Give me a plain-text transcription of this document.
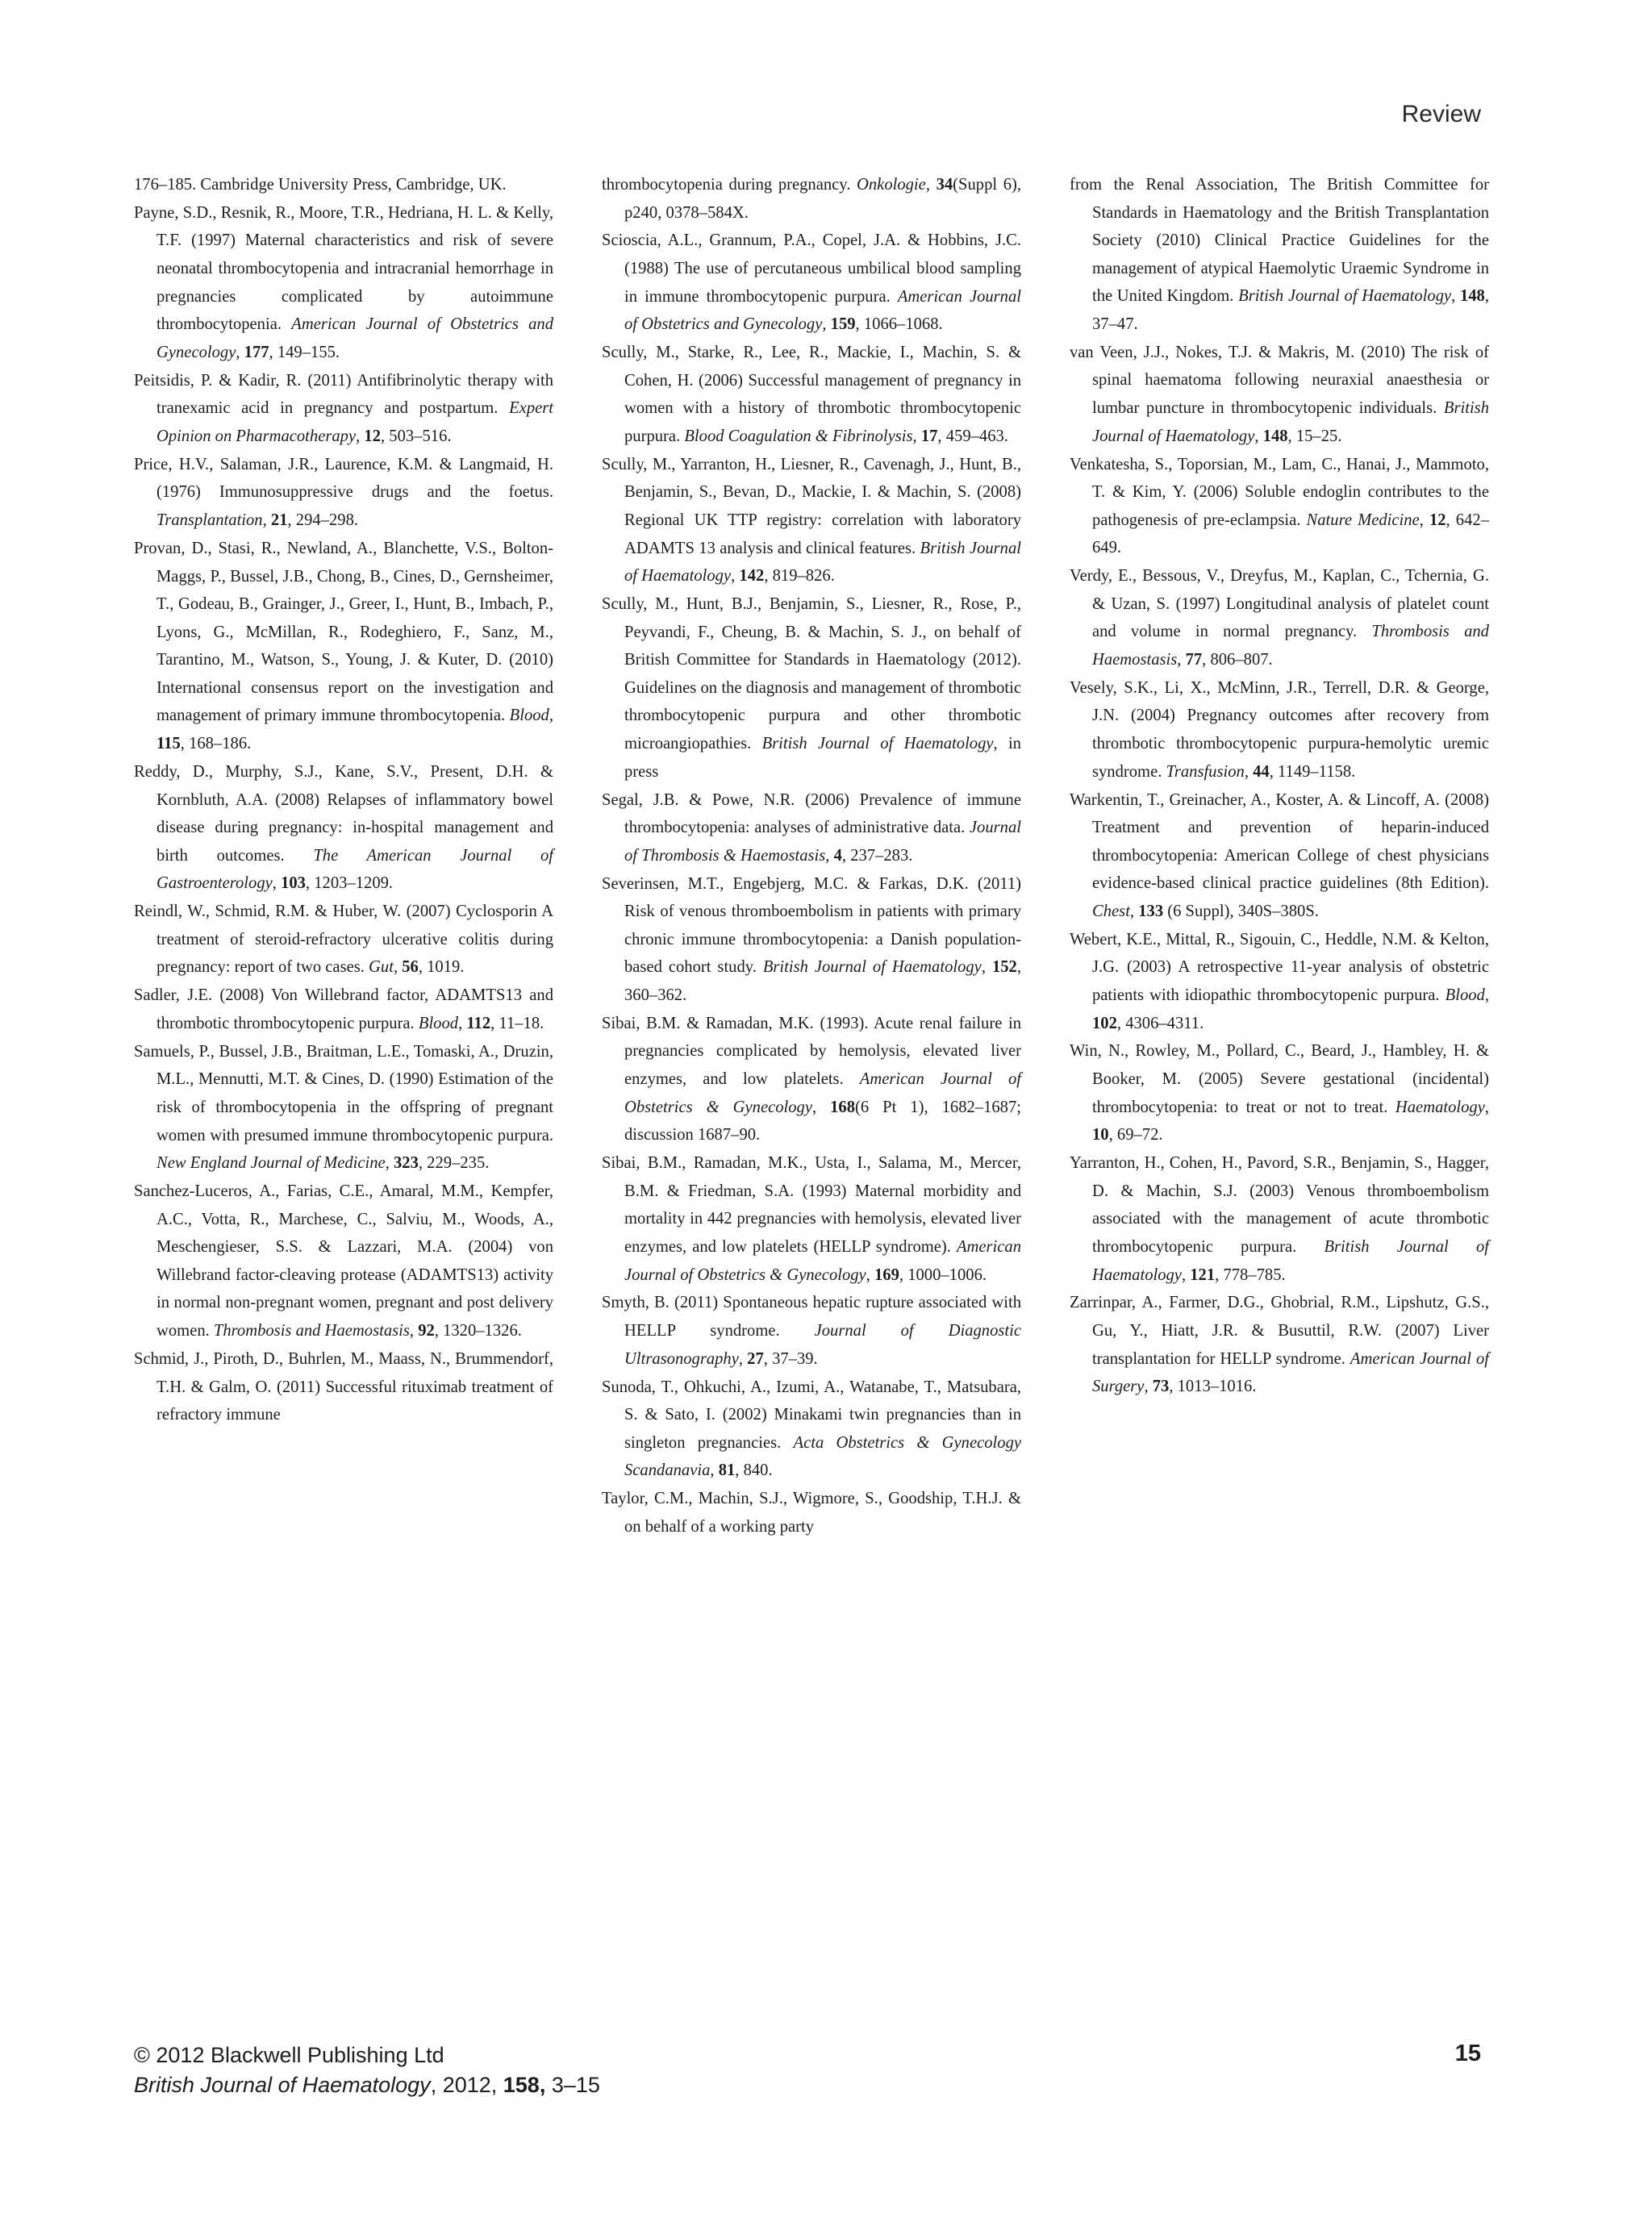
Review

176–185. Cambridge University Press, Cambridge, UK.

Payne, S.D., Resnik, R., Moore, T.R., Hedriana, H. L. & Kelly, T.F. (1997) Maternal characteristics and risk of severe neonatal thrombocytopenia and intracranial hemorrhage in pregnancies complicated by autoimmune thrombocytopenia. American Journal of Obstetrics and Gynecology, 177, 149–155.

Peitsidis, P. & Kadir, R. (2011) Antifibrinolytic therapy with tranexamic acid in pregnancy and postpartum. Expert Opinion on Pharmacotherapy, 12, 503–516.

Price, H.V., Salaman, J.R., Laurence, K.M. & Langmaid, H. (1976) Immunosuppressive drugs and the foetus. Transplantation, 21, 294–298.

Provan, D., Stasi, R., Newland, A., Blanchette, V.S., Bolton-Maggs, P., Bussel, J.B., Chong, B., Cines, D., Gernsheimer, T., Godeau, B., Grainger, J., Greer, I., Hunt, B., Imbach, P., Lyons, G., McMillan, R., Rodeghiero, F., Sanz, M., Tarantino, M., Watson, S., Young, J. & Kuter, D. (2010) International consensus report on the investigation and management of primary immune thrombocytopenia. Blood, 115, 168–186.

Reddy, D., Murphy, S.J., Kane, S.V., Present, D.H. & Kornbluth, A.A. (2008) Relapses of inflammatory bowel disease during pregnancy: in-hospital management and birth outcomes. The American Journal of Gastroenterology, 103, 1203–1209.

Reindl, W., Schmid, R.M. & Huber, W. (2007) Cyclosporin A treatment of steroid-refractory ulcerative colitis during pregnancy: report of two cases. Gut, 56, 1019.

Sadler, J.E. (2008) Von Willebrand factor, ADAMTS13 and thrombotic thrombocytopenic purpura. Blood, 112, 11–18.

Samuels, P., Bussel, J.B., Braitman, L.E., Tomaski, A., Druzin, M.L., Mennutti, M.T. & Cines, D. (1990) Estimation of the risk of thrombocytopenia in the offspring of pregnant women with presumed immune thrombocytopenic purpura. New England Journal of Medicine, 323, 229–235.

Sanchez-Luceros, A., Farias, C.E., Amaral, M.M., Kempfer, A.C., Votta, R., Marchese, C., Salviu, M., Woods, A., Meschengieser, S.S. & Lazzari, M.A. (2004) von Willebrand factor-cleaving protease (ADAMTS13) activity in normal non-pregnant women, pregnant and post delivery women. Thrombosis and Haemostasis, 92, 1320–1326.

Schmid, J., Piroth, D., Buhrlen, M., Maass, N., Brummendorf, T.H. & Galm, O. (2011) Successful rituximab treatment of refractory immune

thrombocytopenia during pregnancy. Onkologie, 34(Suppl 6), p240, 0378–584X.

Scioscia, A.L., Grannum, P.A., Copel, J.A. & Hobbins, J.C. (1988) The use of percutaneous umbilical blood sampling in immune thrombocytopenic purpura. American Journal of Obstetrics and Gynecology, 159, 1066–1068.

Scully, M., Starke, R., Lee, R., Mackie, I., Machin, S. & Cohen, H. (2006) Successful management of pregnancy in women with a history of thrombotic thrombocytopenic purpura. Blood Coagulation & Fibrinolysis, 17, 459–463.

Scully, M., Yarranton, H., Liesner, R., Cavenagh, J., Hunt, B., Benjamin, S., Bevan, D., Mackie, I. & Machin, S. (2008) Regional UK TTP registry: correlation with laboratory ADAMTS 13 analysis and clinical features. British Journal of Haematology, 142, 819–826.

Scully, M., Hunt, B.J., Benjamin, S., Liesner, R., Rose, P., Peyvandi, F., Cheung, B. & Machin, S. J., on behalf of British Committee for Standards in Haematology (2012). Guidelines on the diagnosis and management of thrombotic thrombocytopenic purpura and other thrombotic microangiopathies. British Journal of Haematology, in press

Segal, J.B. & Powe, N.R. (2006) Prevalence of immune thrombocytopenia: analyses of administrative data. Journal of Thrombosis & Haemostasis, 4, 237–283.

Severinsen, M.T., Engebjerg, M.C. & Farkas, D.K. (2011) Risk of venous thromboembolism in patients with primary chronic immune thrombocytopenia: a Danish population-based cohort study. British Journal of Haematology, 152, 360–362.

Sibai, B.M. & Ramadan, M.K. (1993). Acute renal failure in pregnancies complicated by hemolysis, elevated liver enzymes, and low platelets. American Journal of Obstetrics & Gynecology, 168(6 Pt 1), 1682–1687; discussion 1687–90.

Sibai, B.M., Ramadan, M.K., Usta, I., Salama, M., Mercer, B.M. & Friedman, S.A. (1993) Maternal morbidity and mortality in 442 pregnancies with hemolysis, elevated liver enzymes, and low platelets (HELLP syndrome). American Journal of Obstetrics & Gynecology, 169, 1000–1006.

Smyth, B. (2011) Spontaneous hepatic rupture associated with HELLP syndrome. Journal of Diagnostic Ultrasonography, 27, 37–39.

Sunoda, T., Ohkuchi, A., Izumi, A., Watanabe, T., Matsubara, S. & Sato, I. (2002) Minakami twin pregnancies than in singleton pregnancies. Acta Obstetrics & Gynecology Scandanavia, 81, 840.

Taylor, C.M., Machin, S.J., Wigmore, S., Goodship, T.H.J. & on behalf of a working party

from the Renal Association, The British Committee for Standards in Haematology and the British Transplantation Society (2010) Clinical Practice Guidelines for the management of atypical Haemolytic Uraemic Syndrome in the United Kingdom. British Journal of Haematology, 148, 37–47.

van Veen, J.J., Nokes, T.J. & Makris, M. (2010) The risk of spinal haematoma following neuraxial anaesthesia or lumbar puncture in thrombocytopenic individuals. British Journal of Haematology, 148, 15–25.

Venkatesha, S., Toporsian, M., Lam, C., Hanai, J., Mammoto, T. & Kim, Y. (2006) Soluble endoglin contributes to the pathogenesis of pre-eclampsia. Nature Medicine, 12, 642–649.

Verdy, E., Bessous, V., Dreyfus, M., Kaplan, C., Tchernia, G. & Uzan, S. (1997) Longitudinal analysis of platelet count and volume in normal pregnancy. Thrombosis and Haemostasis, 77, 806–807.

Vesely, S.K., Li, X., McMinn, J.R., Terrell, D.R. & George, J.N. (2004) Pregnancy outcomes after recovery from thrombotic thrombocytopenic purpura-hemolytic uremic syndrome. Transfusion, 44, 1149–1158.

Warkentin, T., Greinacher, A., Koster, A. & Lincoff, A. (2008) Treatment and prevention of heparin-induced thrombocytopenia: American College of chest physicians evidence-based clinical practice guidelines (8th Edition). Chest, 133 (6 Suppl), 340S–380S.

Webert, K.E., Mittal, R., Sigouin, C., Heddle, N.M. & Kelton, J.G. (2003) A retrospective 11-year analysis of obstetric patients with idiopathic thrombocytopenic purpura. Blood, 102, 4306–4311.

Win, N., Rowley, M., Pollard, C., Beard, J., Hambley, H. & Booker, M. (2005) Severe gestational (incidental) thrombocytopenia: to treat or not to treat. Haematology, 10, 69–72.

Yarranton, H., Cohen, H., Pavord, S.R., Benjamin, S., Hagger, D. & Machin, S.J. (2003) Venous thromboembolism associated with the management of acute thrombotic thrombocytopenic purpura. British Journal of Haematology, 121, 778–785.

Zarrinpar, A., Farmer, D.G., Ghobrial, R.M., Lipshutz, G.S., Gu, Y., Hiatt, J.R. & Busuttil, R.W. (2007) Liver transplantation for HELLP syndrome. American Journal of Surgery, 73, 1013–1016.

© 2012 Blackwell Publishing Ltd
British Journal of Haematology, 2012, 158, 3–15
15
